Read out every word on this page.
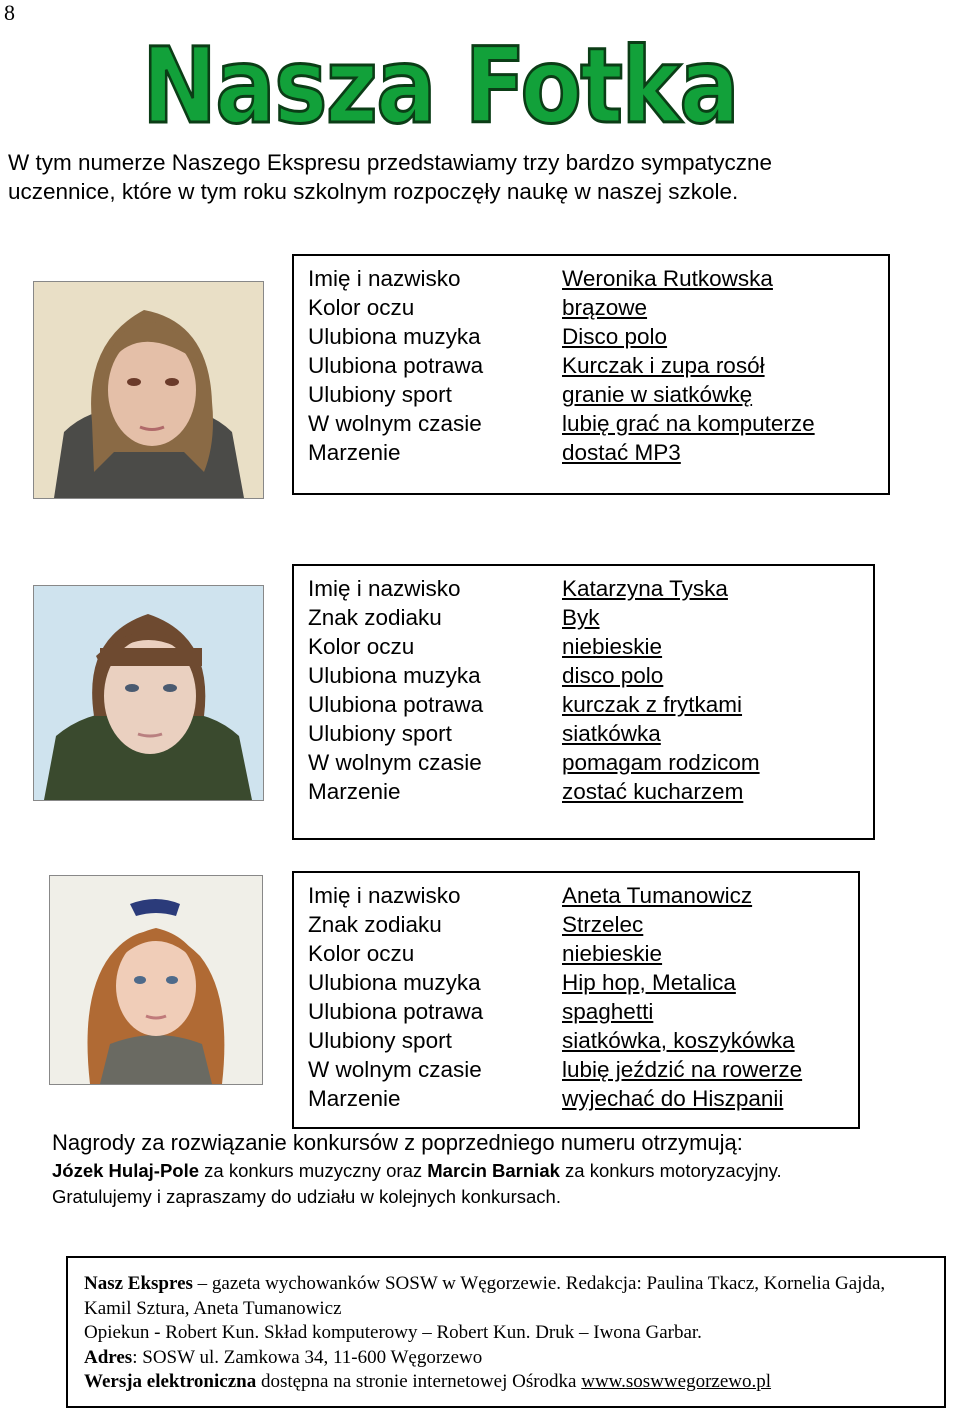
8
Nasza Fotka
W tym numerze Naszego Ekspresu przedstawiamy trzy bardzo sympatyczne
uczennice, które w tym roku szkolnym rozpoczęły naukę w naszej szkole.
Imię i nazwisko	Weronika Rutkowska
Kolor oczu	brązowe
Ulubiona muzyka	Disco polo
Ulubiona potrawa	Kurczak i zupa rosół
Ulubiony sport	granie w siatkówkę
W wolnym czasie	lubię grać na komputerze
Marzenie	dostać MP3
Imię i nazwisko	Katarzyna Tyska
Znak zodiaku	Byk
Kolor oczu	niebieskie
Ulubiona muzyka	disco polo
Ulubiona potrawa	kurczak z frytkami
Ulubiony sport	siatkówka
W wolnym czasie	pomagam rodzicom
Marzenie	zostać kucharzem
Imię i nazwisko	Aneta Tumanowicz
Znak zodiaku	Strzelec
Kolor oczu	niebieskie
Ulubiona muzyka	Hip hop, Metalica
Ulubiona potrawa	spaghetti
Ulubiony sport	siatkówka, koszykówka
W wolnym czasie	lubię jeździć na rowerze
Marzenie	wyjechać do Hiszpanii
Nagrody za rozwiązanie konkursów z poprzedniego numeru otrzymują:
Józek Hulaj-Pole za konkurs muzyczny oraz Marcin Barniak za konkurs motoryzacyjny.
Gratulujemy i zapraszamy do udziału w kolejnych konkursach.
Nasz Ekspres – gazeta wychowanków SOSW w Węgorzewie. Redakcja: Paulina Tkacz, Kornelia Gajda, Kamil Sztura, Aneta Tumanowicz
Opiekun - Robert Kun. Skład komputerowy – Robert Kun. Druk – Iwona Garbar.
Adres: SOSW ul. Zamkowa 34, 11-600 Węgorzewo
Wersja elektroniczna dostępna na stronie internetowej Ośrodka www.soswwegorzewo.pl
